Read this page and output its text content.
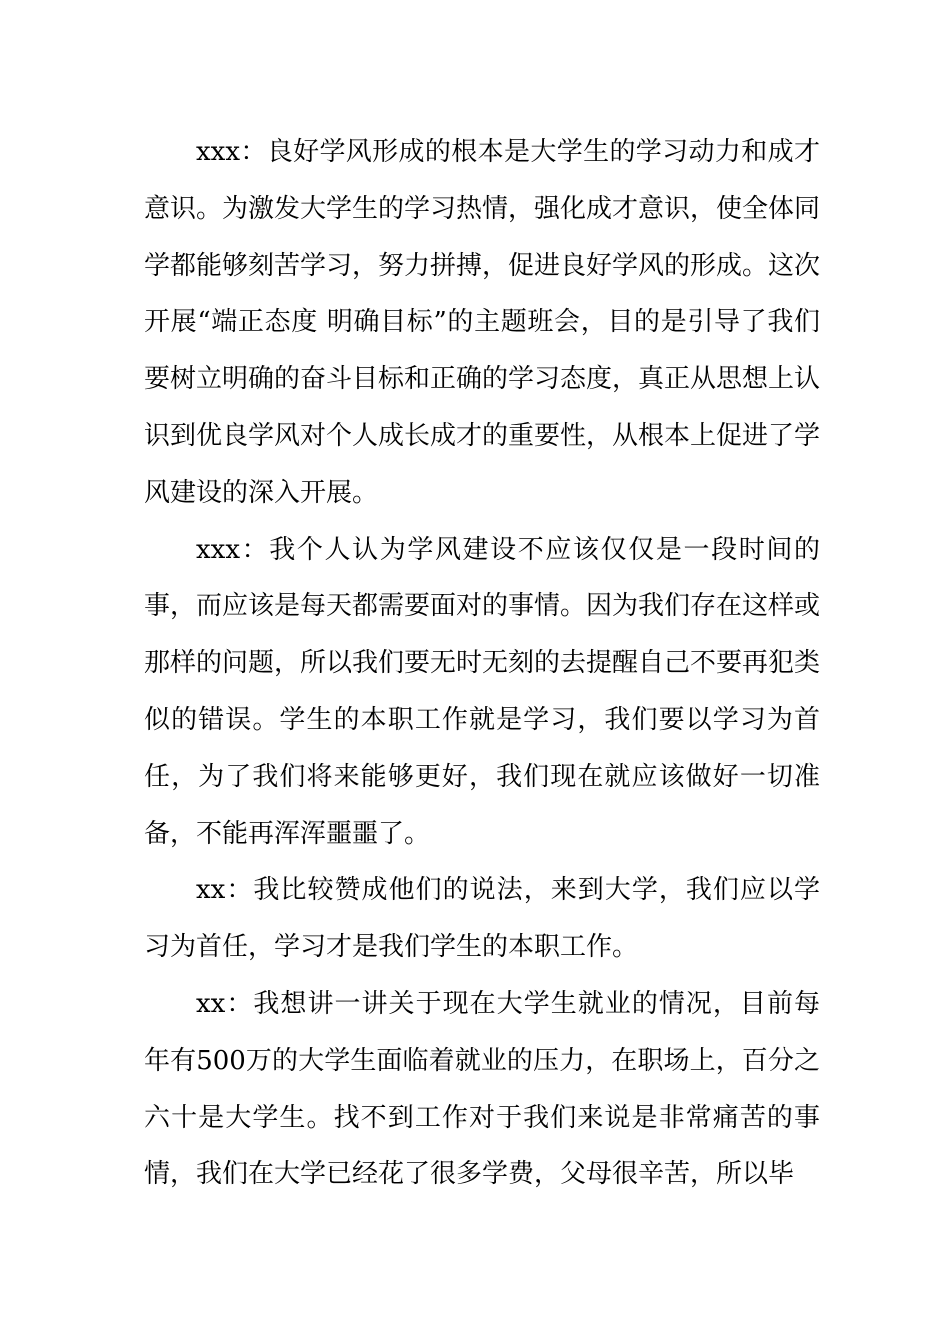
xxx：良好学风形成的根本是大学生的学习动力和成才意识。为激发大学生的学习热情，强化成才意识，使全体同学都能够刻苦学习，努力拼搏，促进良好学风的形成。这次开展“端正态度 明确目标”的主题班会，目的是引导了我们要树立明确的奋斗目标和正确的学习态度，真正从思想上认识到优良学风对个人成长成才的重要性，从根本上促进了学风建设的深入开展。

xxx：我个人认为学风建设不应该仅仅是一段时间的事，而应该是每天都需要面对的事情。因为我们存在这样或那样的问题，所以我们要无时无刻的去提醒自己不要再犯类似的错误。学生的本职工作就是学习，我们要以学习为首任，为了我们将来能够更好，我们现在就应该做好一切准备，不能再浑浑噩噩了。

xx：我比较赞成他们的说法，来到大学，我们应以学习为首任，学习才是我们学生的本职工作。

xx：我想讲一讲关于现在大学生就业的情况，目前每年有500万的大学生面临着就业的压力，在职场上，百分之六十是大学生。找不到工作对于我们来说是非常痛苦的事情，我们在大学已经花了很多学费，父母很辛苦，所以毕
